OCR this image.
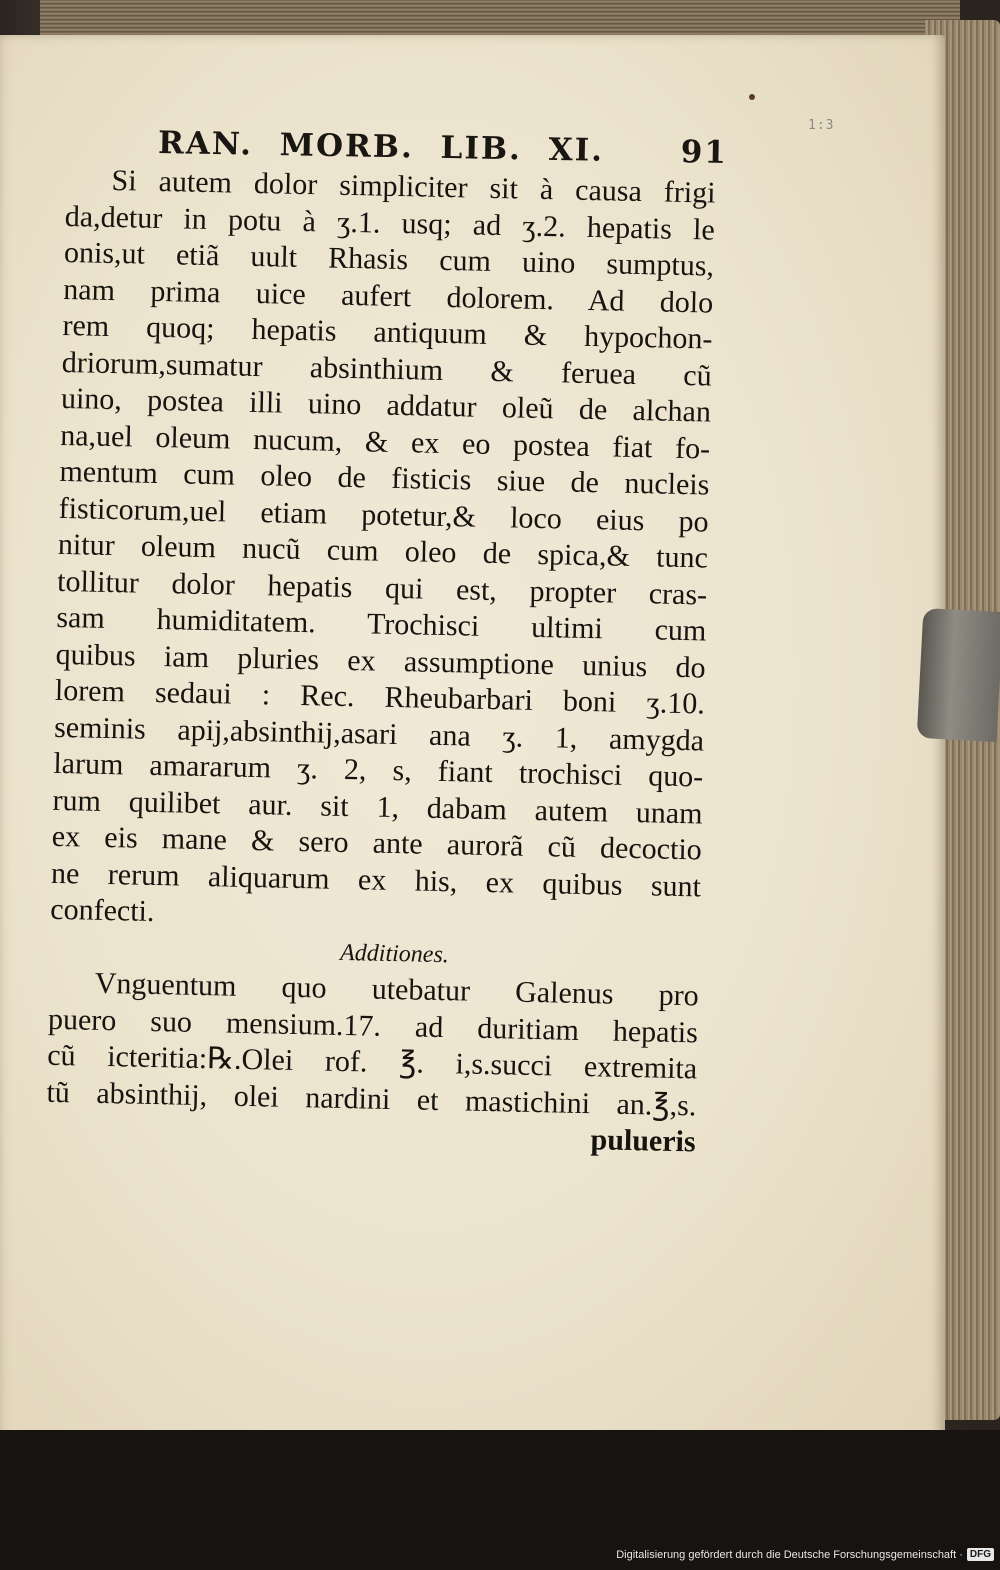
1:3
RAN. MORB. LIB. XI. 91
Si autem dolor simpliciter sit à causa frigi
da,detur in potu à ʒ.1. usq; ad ʒ.2. hepatis le
onis,ut etiã uult Rhasis cum uino sumptus,
nam prima uice aufert dolorem. Ad dolo
rem quoq; hepatis antiquum & hypochon-
driorum,sumatur absinthium & feruea cũ
uino, postea illi uino addatur oleũ de alchan
na,uel oleum nucum, & ex eo postea fiat fo-
mentum cum oleo de fisticis siue de nucleis
fisticorum,uel etiam potetur,& loco eius po
nitur oleum nucũ cum oleo de spica,& tunc
tollitur dolor hepatis qui est, propter cras-
sam humiditatem. Trochisci ultimi cum
quibus iam pluries ex assumptione unius do
lorem sedaui : Rec. Rheubarbari boni ʒ.10.
seminis apij,absinthij,asari ana ʒ. 1, amygda
larum amararum ʒ. 2, s, fiant trochisci quo-
rum quilibet aur. sit 1, dabam autem unam
ex eis mane & sero ante aurorã cũ decoctio
ne rerum aliquarum ex his, ex quibus sunt
confecti.
Additiones.
Vnguentum quo utebatur Galenus pro
puero suo mensium.17. ad duritiam hepatis
cũ icteritia:℞.Olei rof. ℥. i,s.succi extremita
tũ absinthij, olei nardini et mastichini an.℥,s.
pulueris
Digitalisierung gefördert durch die Deutsche Forschungsgemeinschaft · DFG
